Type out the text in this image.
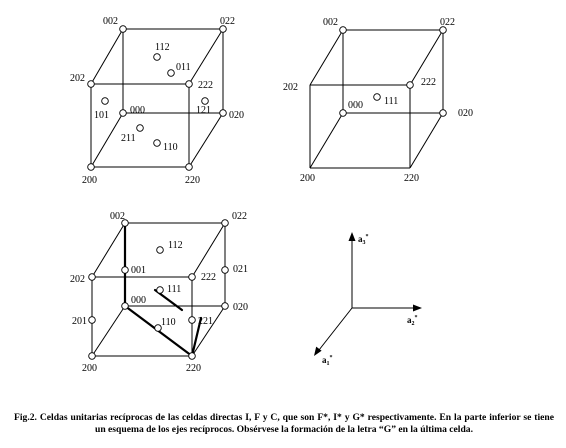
002	022
202
222
000	020
200	220
112
011
101	121
211
110
002	022
202	222
000
020
200	220
111
002	022
202	222
000
020
200	220
112
001	021
111
201	110 221
$a_3^*$
$a_2^*$
$a_1^*$

Fig.2. Celdas unitarias recíprocas de las celdas directas I, F y C, que son F*, I* y G* respectivamente. En la parte inferior se tiene un esquema de los ejes recíprocos. Obsérvese la formación de la letra “G” en la última celda.
